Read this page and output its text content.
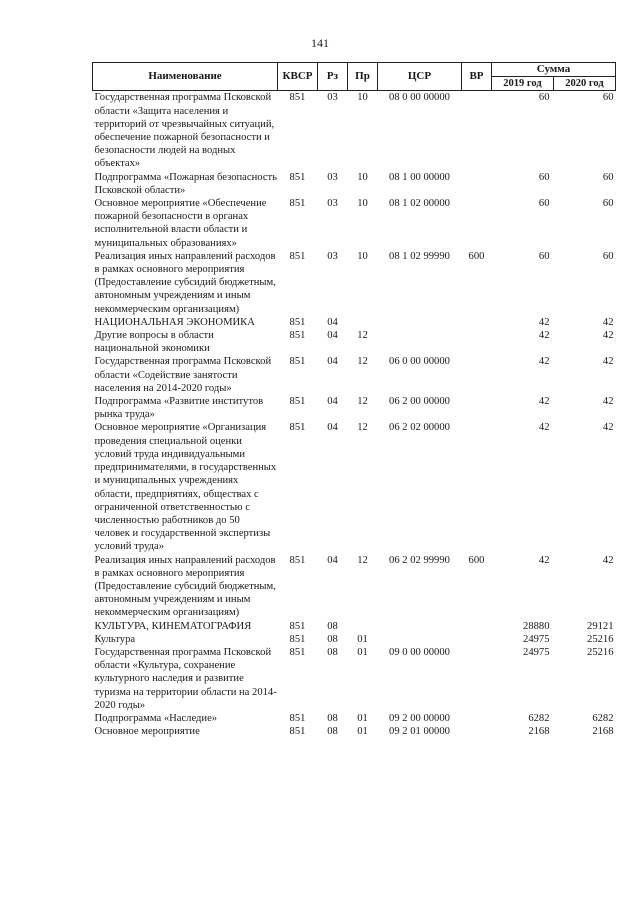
141
Наименование	КВСР	Рз	Пр	ЦСР	ВР	Сумма	
						2019 год	2020 год
Государственная программа Псковской области «Защита населения и территорий от чрезвычайных ситуаций, обеспечение пожарной безопасности и безопасности людей на водных объектах»	851	03	10	08 0 00 00000		60	60
Подпрограмма «Пожарная безопасность Псковской области»	851	03	10	08 1 00 00000		60	60
Основное мероприятие «Обеспечение пожарной безопасности в органах исполнительной власти области и муниципальных образованиях»	851	03	10	08 1 02 00000		60	60
Реализация иных направлений расходов в рамках основного мероприятия (Предоставление субсидий бюджетным, автономным учреждениям и иным некоммерческим организациям)	851	03	10	08 1 02 99990	600	60	60
НАЦИОНАЛЬНАЯ ЭКОНОМИКА	851	04				42	42
Другие вопросы в области национальной экономики	851	04	12			42	42
Государственная программа Псковской области «Содействие занятости населения на 2014-2020 годы»	851	04	12	06 0 00 00000		42	42
Подпрограмма «Развитие институтов рынка труда»	851	04	12	06 2 00 00000		42	42
Основное мероприятие «Организация проведения специальной оценки условий труда индивидуальными предпринимателями, в государственных и муниципальных учреждениях области, предприятиях, обществах с ограниченной ответственностью с численностью работников до 50 человек и государственной экспертизы условий труда»	851	04	12	06 2 02 00000		42	42
Реализация иных направлений расходов в рамках основного мероприятия (Предоставление субсидий бюджетным, автономным учреждениям и иным некоммерческим организациям)	851	04	12	06 2 02 99990	600	42	42
КУЛЬТУРА, КИНЕМАТОГРАФИЯ	851	08				28880	29121
Культура	851	08	01			24975	25216
Государственная программа Псковской области «Культура, сохранение культурного наследия и развитие туризма на территории области на 2014-2020 годы»	851	08	01	09 0 00 00000		24975	25216
Подпрограмма «Наследие»	851	08	01	09 2 00 00000		6282	6282
Основное мероприятие	851	08	01	09 2 01 00000		2168	2168
